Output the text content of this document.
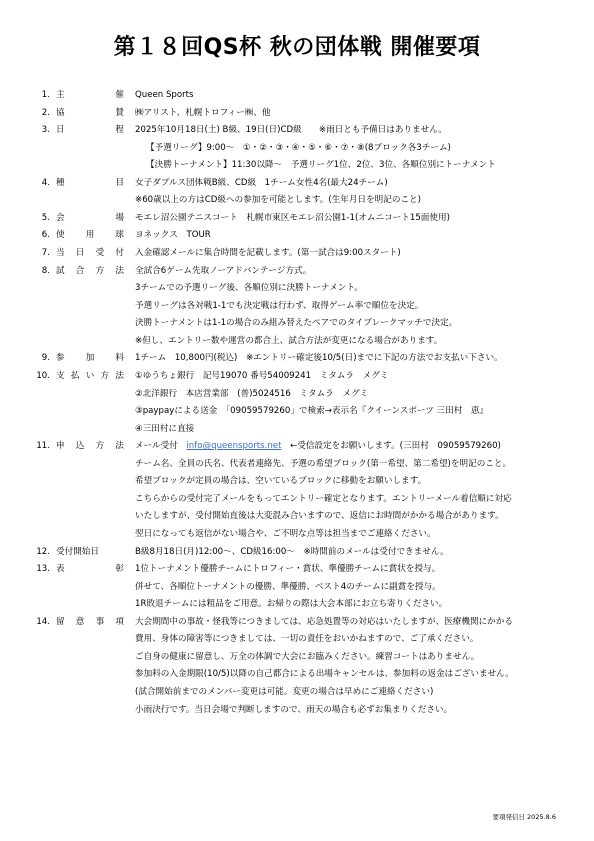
第１８回QS杯 秋の団体戦 開催要項
1. 主	催 Queen Sports
2. 協	賛 ㈱アリスト、札幌トロフィー㈱、他
3. 日	程 2025年10月18日(土) B級、19日(日)CD級　　※雨日とも予備日はありません。
【予選リーグ】9:00～　①・②・③・④・⑤・⑥・⑦・⑧(8ブロック各3チーム)
【決勝トーナメント】11:30以降～　予選リーグ1位、2位、3位、各順位別にトーナメント
4. 種	目 女子ダブルス団体戦B級、CD級　1チーム女性4名(最大24チーム)
※60歳以上の方はCD級への参加を可能とします。(生年月日を明記のこと)
5. 会	場 モエレ沼公園テニスコート　札幌市東区モエレ沼公園1-1(オムニコート15面使用)
6. 使 用 球 ヨネックス　TOUR
7. 当 日 受 付 入金確認メールに集合時間を記載します。(第一試合は9:00スタート)
8. 試 合 方 法 全試合6ゲーム先取ノーアドバンテージ方式。
3チームでの予選リーグ後、各順位別に決勝トーナメント。
予選リーグは各対戦1-1でも決定戦は行わず、取得ゲーム率で順位を決定。
決勝トーナメントは1-1の場合のみ組み替えたペアでのタイブレークマッチで決定。
※但し、エントリー数や運営の都合上、試合方法が変更になる場合があります。
9. 参 加 料 1チーム　10,800円(税込)　※エントリー確定後10/5(日)までに下記の方法でお支払い下さい。
10. 支 払 い 方 法 ①ゆうちょ銀行　記号19070 番号54009241　ミタムラ　メグミ
②北洋銀行　本店営業部　(普)5024516　ミタムラ　メグミ
③paypayによる送金　「09059579260」で検索→表示名『クイーンスポーツ 三田村　恵』
④三田村に直接
11. 申 込 方 法 メール受付　info@queensports.net　←受信設定をお願いします。(三田村　09059579260)
チーム名、全員の氏名、代表者連絡先、予選の希望ブロック(第一希望、第二希望)を明記のこと。
希望ブロックが定員の場合は、空いているブロックに移動をお願いします。
こちらからの受付完了メールをもってエントリー確定となります。エントリーメール着信順に対応
いたしますが、受付開始直後は大変混み合いますので、返信にお時間がかかる場合があります。
翌日になっても返信がない場合や、ご不明な点等は担当までご連絡ください。
12. 受付開始日	B級8月18日(月)12:00～、CD級16:00～　※時間前のメールは受付できません。
13. 表	彰 1位トーナメント優勝チームにトロフィー・賞状、準優勝チームに賞状を授与。
併せて、各順位トーナメントの優勝、準優勝、ベスト4のチームに副賞を授与。
1R敗退チームには粗品をご用意。お帰りの際は大会本部にお立ち寄りください。
14. 留 意 事 項 大会期間中の事故・怪我等につきましては、応急処置等の対応はいたしますが、医療機関にかかる
費用、身体の障害等につきましては、一切の責任をおいかねますので、ご了承ください。
ご自身の健康に留意し、万全の体調で大会にお臨みください。練習コートはありません。
参加料の入金期限(10/5)以降の自己都合による出場キャンセルは、参加料の返金はございません。
(試合開始前までのメンバー変更は可能。変更の場合は早めにご連絡ください)
小雨決行です。当日会場で判断しますので、雨天の場合も必ずお集まりください。
要項発信日 2025.8.6
